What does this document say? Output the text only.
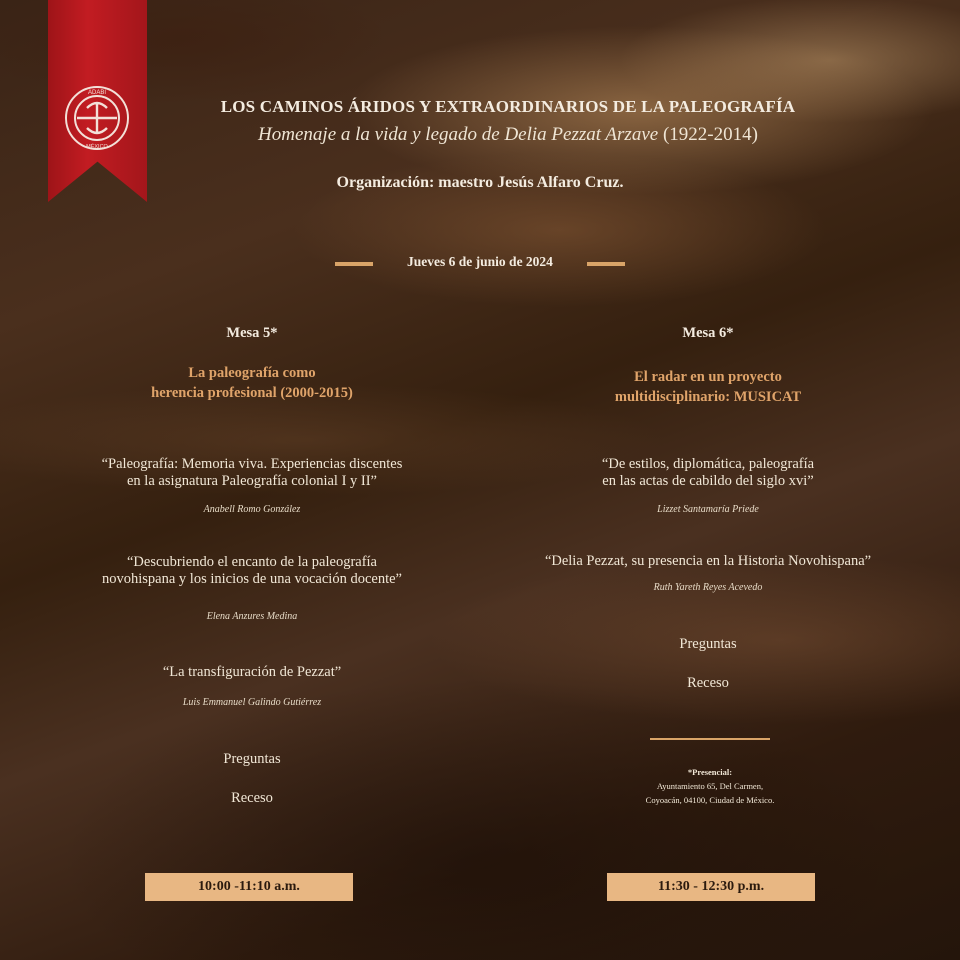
ADABI
MÉXICO
LOS CAMINOS ÁRIDOS Y EXTRAORDINARIOS DE LA PALEOGRAFÍA
Homenaje a la vida y legado de Delia Pezzat Arzave (1922-2014)
Organización: maestro Jesús Alfaro Cruz.
Jueves 6 de junio de 2024
Mesa 5*
La paleografía como
herencia profesional (2000-2015)
“Paleografía: Memoria viva. Experiencias discentes
en la asignatura Paleografía colonial I y II”
Anabell Romo González
“Descubriendo el encanto de la paleografía
novohispana y los inicios de una vocación docente”
Elena Anzures Medina
“La transfiguración de Pezzat”
Luis Emmanuel Galindo Gutiérrez
Preguntas
Receso
Mesa 6*
El radar en un proyecto
multidisciplinario: MUSICAT
“De estilos, diplomática, paleografía
en las actas de cabildo del siglo xvi”
Lizzet Santamaría Priede
“Delia Pezzat, su presencia en la Historia Novohispana”
Ruth Yareth Reyes Acevedo
Preguntas
Receso
*Presencial:
Ayuntamiento 65, Del Carmen,
Coyoacán, 04100, Ciudad de México.
10:00 -11:10 a.m.	11:30 - 12:30 p.m.
